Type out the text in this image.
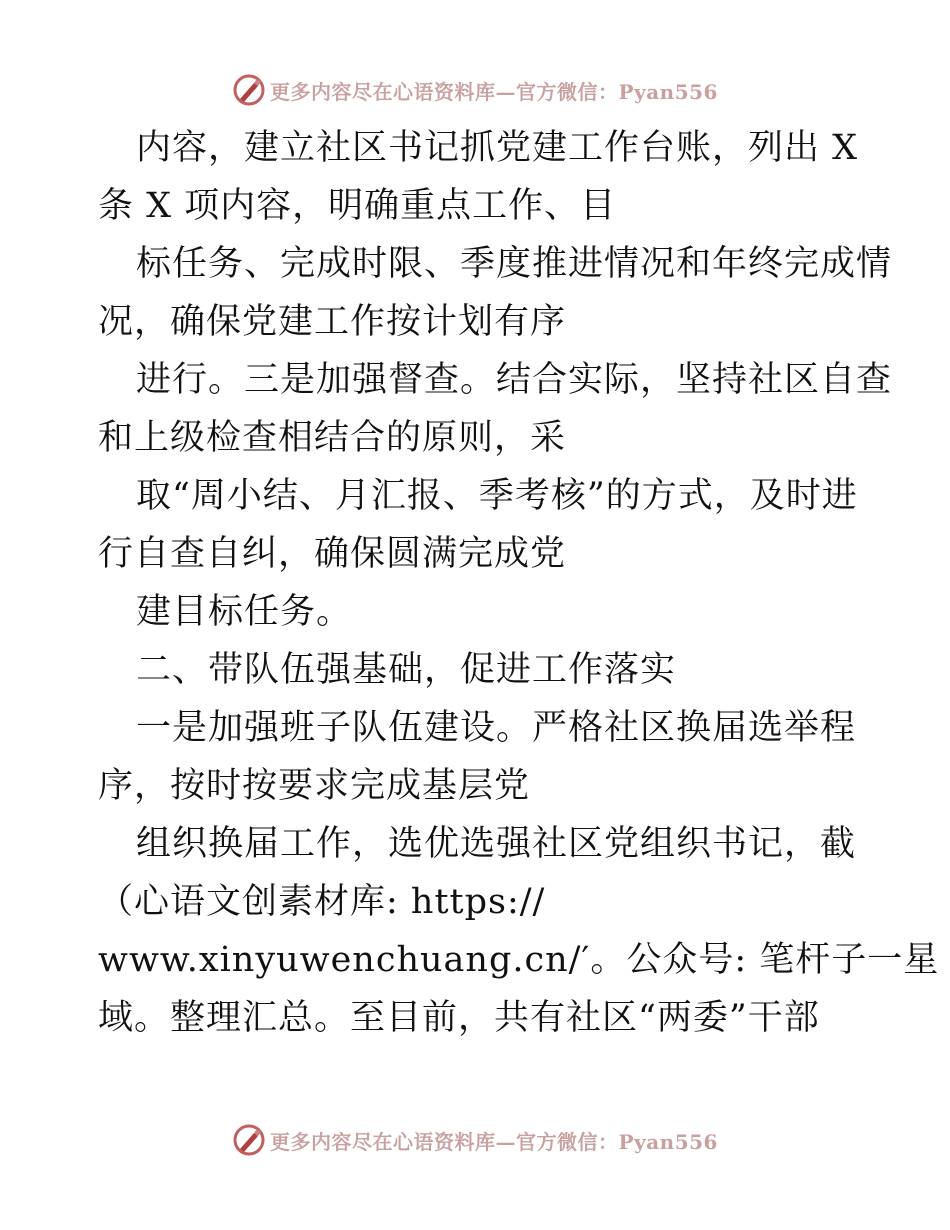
更多内容尽在心语资料库—官方微信：Pyan556
内容，建立社区书记抓党建工作台账，列出 X
条 X 项内容，明确重点工作、目
标任务、完成时限、季度推进情况和年终完成情
况，确保党建工作按计划有序
进行。三是加强督查。结合实际，坚持社区自查
和上级检查相结合的原则，采
取“周小结、月汇报、季考核”的方式，及时进
行自查自纠，确保圆满完成党
建目标任务。
二、带队伍强基础，促进工作落实
一是加强班子队伍建设。严格社区换届选举程
序，按时按要求完成基层党
组织换届工作，选优选强社区党组织书记，截
（心语文创素材库: https://
www.xinyuwenchuang.cn/′。公众号: 笔杆子一星
域。整理汇总。至目前，共有社区“两委”干部
更多内容尽在心语资料库—官方微信：Pyan556
